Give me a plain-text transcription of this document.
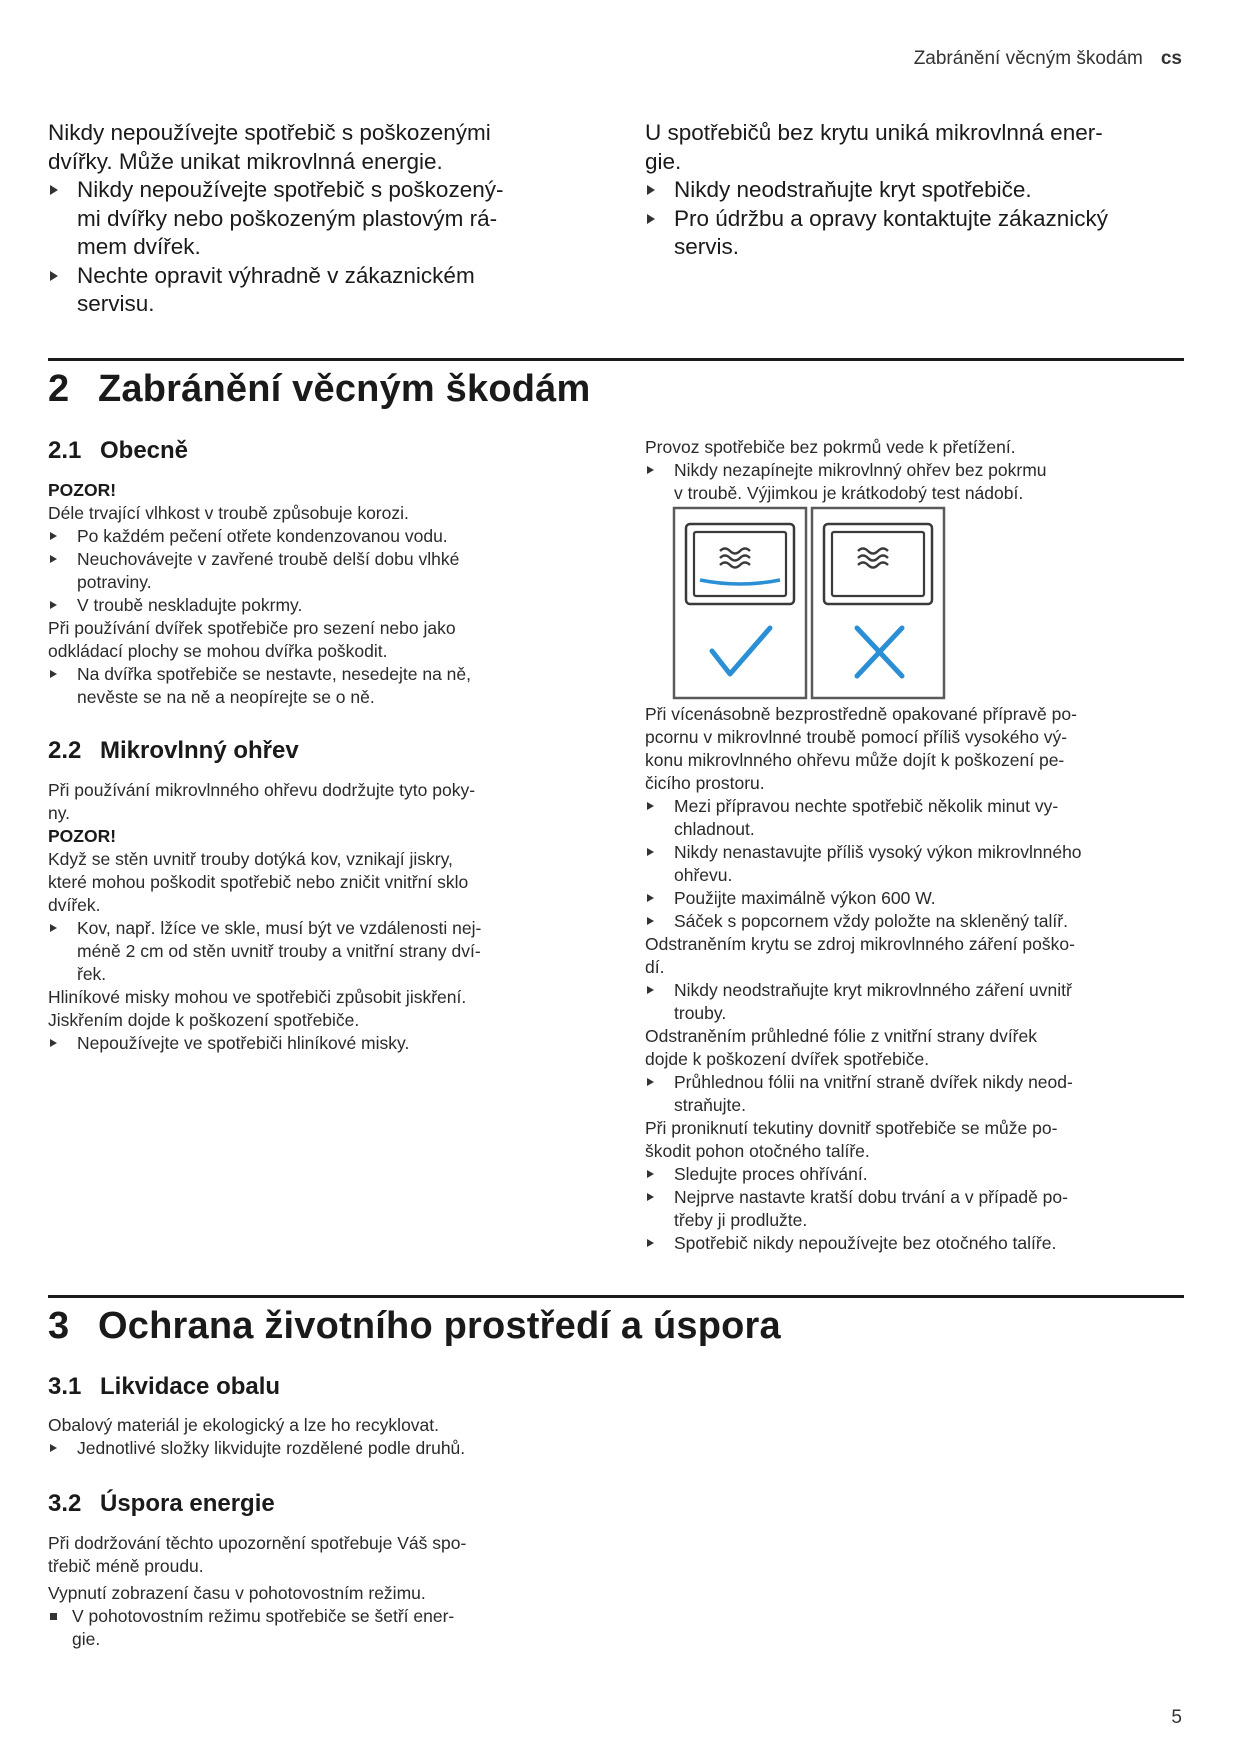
Zabránění věcným škodám cs

Nikdy nepoužívejte spotřebič s poškozenými

dvířky. Může unikat mikrovlnná energie.

Nikdy nepoužívejte spotřebič s poškozený-
mi dvířky nebo poškozeným plastovým rá-
mem dvířek.
Nechte opravit výhradně v zákaznickém
servisu.

U spotřebičů bez krytu uniká mikrovlnná ener-

gie.

Nikdy neodstraňujte kryt spotřebiče.
Pro údržbu a opravy kontaktujte zákaznický
servis.
2 Zabránění věcným škodám
2.1 Obecně

POZOR!

Déle trvající vlhkost v troubě způsobuje korozi.

Po každém pečení otřete kondenzovanou vodu.
Neuchovávejte v zavřené troubě delší dobu vlhké
potraviny.
V troubě neskladujte pokrmy.

Při používání dvířek spotřebiče pro sezení nebo jako

odkládací plochy se mohou dvířka poškodit.

Na dvířka spotřebiče se nestavte, nesedejte na ně,
nevěste se na ně a neopírejte se o ně.
2.2 Mikrovlnný ohřev

Při používání mikrovlnného ohřevu dodržujte tyto poky-

ny.

POZOR!

Když se stěn uvnitř trouby dotýká kov, vznikají jiskry,

které mohou poškodit spotřebič nebo zničit vnitřní sklo

dvířek.

Kov, např. lžíce ve skle, musí být ve vzdálenosti nej-
méně 2 cm od stěn uvnitř trouby a vnitřní strany dví-
řek.

Hliníkové misky mohou ve spotřebiči způsobit jiskření.

Jiskřením dojde k poškození spotřebiče.

Nepoužívejte ve spotřebiči hliníkové misky.

Provoz spotřebiče bez pokrmů vede k přetížení.

Nikdy nezapínejte mikrovlnný ohřev bez pokrmu
v troubě. Výjimkou je krátkodobý test nádobí.

Při vícenásobně bezprostředně opakované přípravě po-

pcornu v mikrovlnné troubě pomocí příliš vysokého vý-

konu mikrovlnného ohřevu může dojít k poškození pe-

čicího prostoru.

Mezi přípravou nechte spotřebič několik minut vy-
chladnout.
Nikdy nenastavujte příliš vysoký výkon mikrovlnného
ohřevu.
Použijte maximálně výkon 600 W.
Sáček s popcornem vždy položte na skleněný talíř.

Odstraněním krytu se zdroj mikrovlnného záření poško-

dí.

Nikdy neodstraňujte kryt mikrovlnného záření uvnitř
trouby.

Odstraněním průhledné fólie z vnitřní strany dvířek

dojde k poškození dvířek spotřebiče.

Průhlednou fólii na vnitřní straně dvířek nikdy neod-
straňujte.

Při proniknutí tekutiny dovnitř spotřebiče se může po-

škodit pohon otočného talíře.

Sledujte proces ohřívání.
Nejprve nastavte kratší dobu trvání a v případě po-
třeby ji prodlužte.
Spotřebič nikdy nepoužívejte bez otočného talíře.
3 Ochrana životního prostředí a úspora
3.1 Likvidace obalu

Obalový materiál je ekologický a lze ho recyklovat.

Jednotlivé složky likvidujte rozdělené podle druhů.
3.2 Úspora energie

Při dodržování těchto upozornění spotřebuje Váš spo-

třebič méně proudu.

Vypnutí zobrazení času v pohotovostním režimu.

V pohotovostním režimu spotřebiče se šetří ener-
gie.
5
